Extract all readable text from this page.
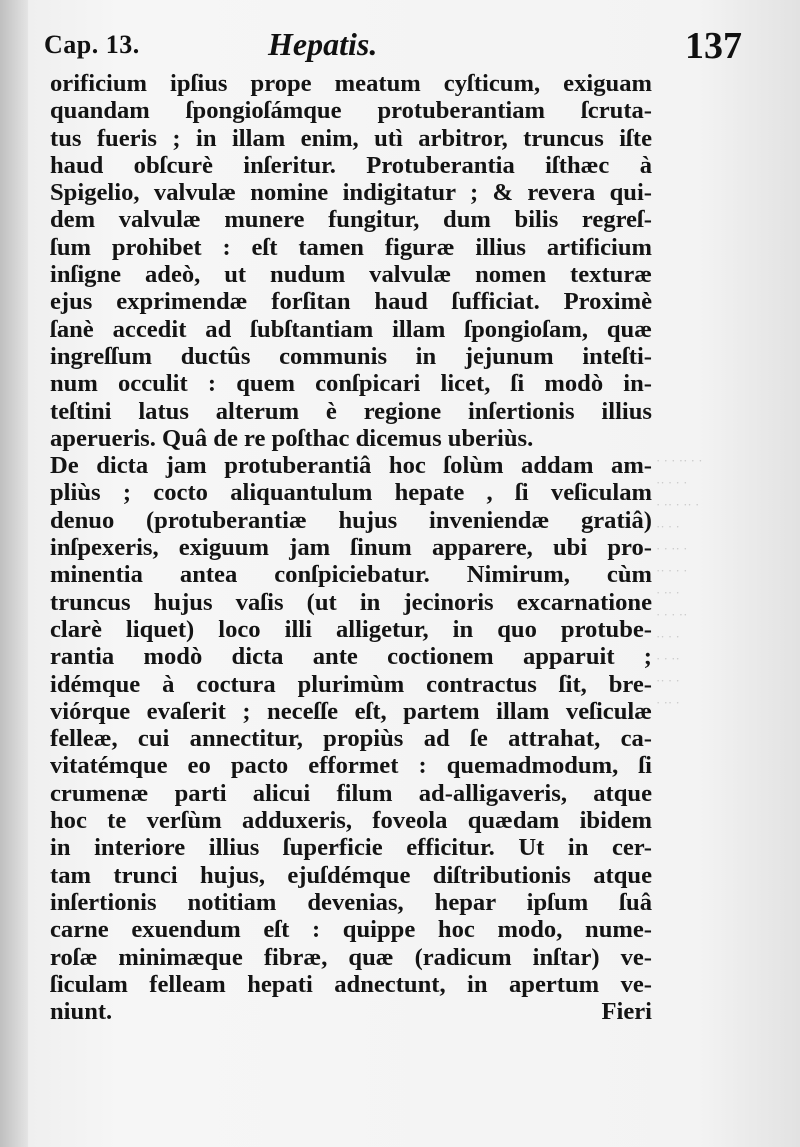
Cap. 13.	Hepatis.	137
orificium ipſius prope meatum cyſticum, exiguam
quandam ſpongioſámque protuberantiam ſcruta-
tus fueris ; in illam enim, utì arbitror, truncus iſte
haud obſcurè inſeritur. Protuberantia iſthæc à
Spigelio, valvulæ nomine indigitatur ; & revera qui-
dem valvulæ munere fungitur, dum bilis regreſ-
ſum prohibet : eſt tamen figuræ illius artificium
inſigne adeò, ut nudum valvulæ nomen texturæ
ejus exprimendæ forſitan haud ſufficiat. Proximè
ſanè accedit ad ſubſtantiam illam ſpongioſam, quæ
ingreſſum ductûs communis in jejunum inteſti-
num occulit : quem conſpicari licet, ſi modò in-
teſtini latus alterum è regione inſertionis illius
aperueris. Quâ de re poſthac dicemus uberiùs.
De dicta jam protuberantiâ hoc ſolùm addam am-
pliùs ; cocto aliquantulum hepate , ſi veſiculam
denuo (protuberantiæ hujus inveniendæ gratiâ)
inſpexeris, exiguum jam ſinum apparere, ubi pro-
minentia antea conſpiciebatur. Nimirum, cùm
truncus hujus vaſis (ut in jecinoris excarnatione
clarè liquet) loco illi alligetur, in quo protube-
rantia modò dicta ante coctionem apparuit ;
idémque à coctura plurimùm contractus ſit, bre-
viórque evaſerit ; neceſſe eſt, partem illam veſiculæ
felleæ, cui annectitur, propiùs ad ſe attrahat, ca-
vitatémque eo pacto efformet : quemadmodum, ſi
crumenæ parti alicui filum ad-alligaveris, atque
hoc te verſùm adduxeris, foveola quædam ibidem
in interiore illius ſuperficie efficitur. Ut in cer-
tam trunci hujus, ejuſdémque diſtributionis atque
inſertionis notitiam devenias, hepar ipſum ſuâ
carne exuendum eſt : quippe hoc modo, nume-
roſæ minimæque fibræ, quæ (radicum inſtar) ve-
ſiculam felleam hepati adnectunt, in apertum ve-
niunt.	Fieri
· · · ·· · ·
·· · · ·
· ·· · ·· ·
·· · ·
· · ·· ·
·· · · ·
· ·· ·
· · · ··
·· · ·
· · ··
·· · ·
· ·· ·
